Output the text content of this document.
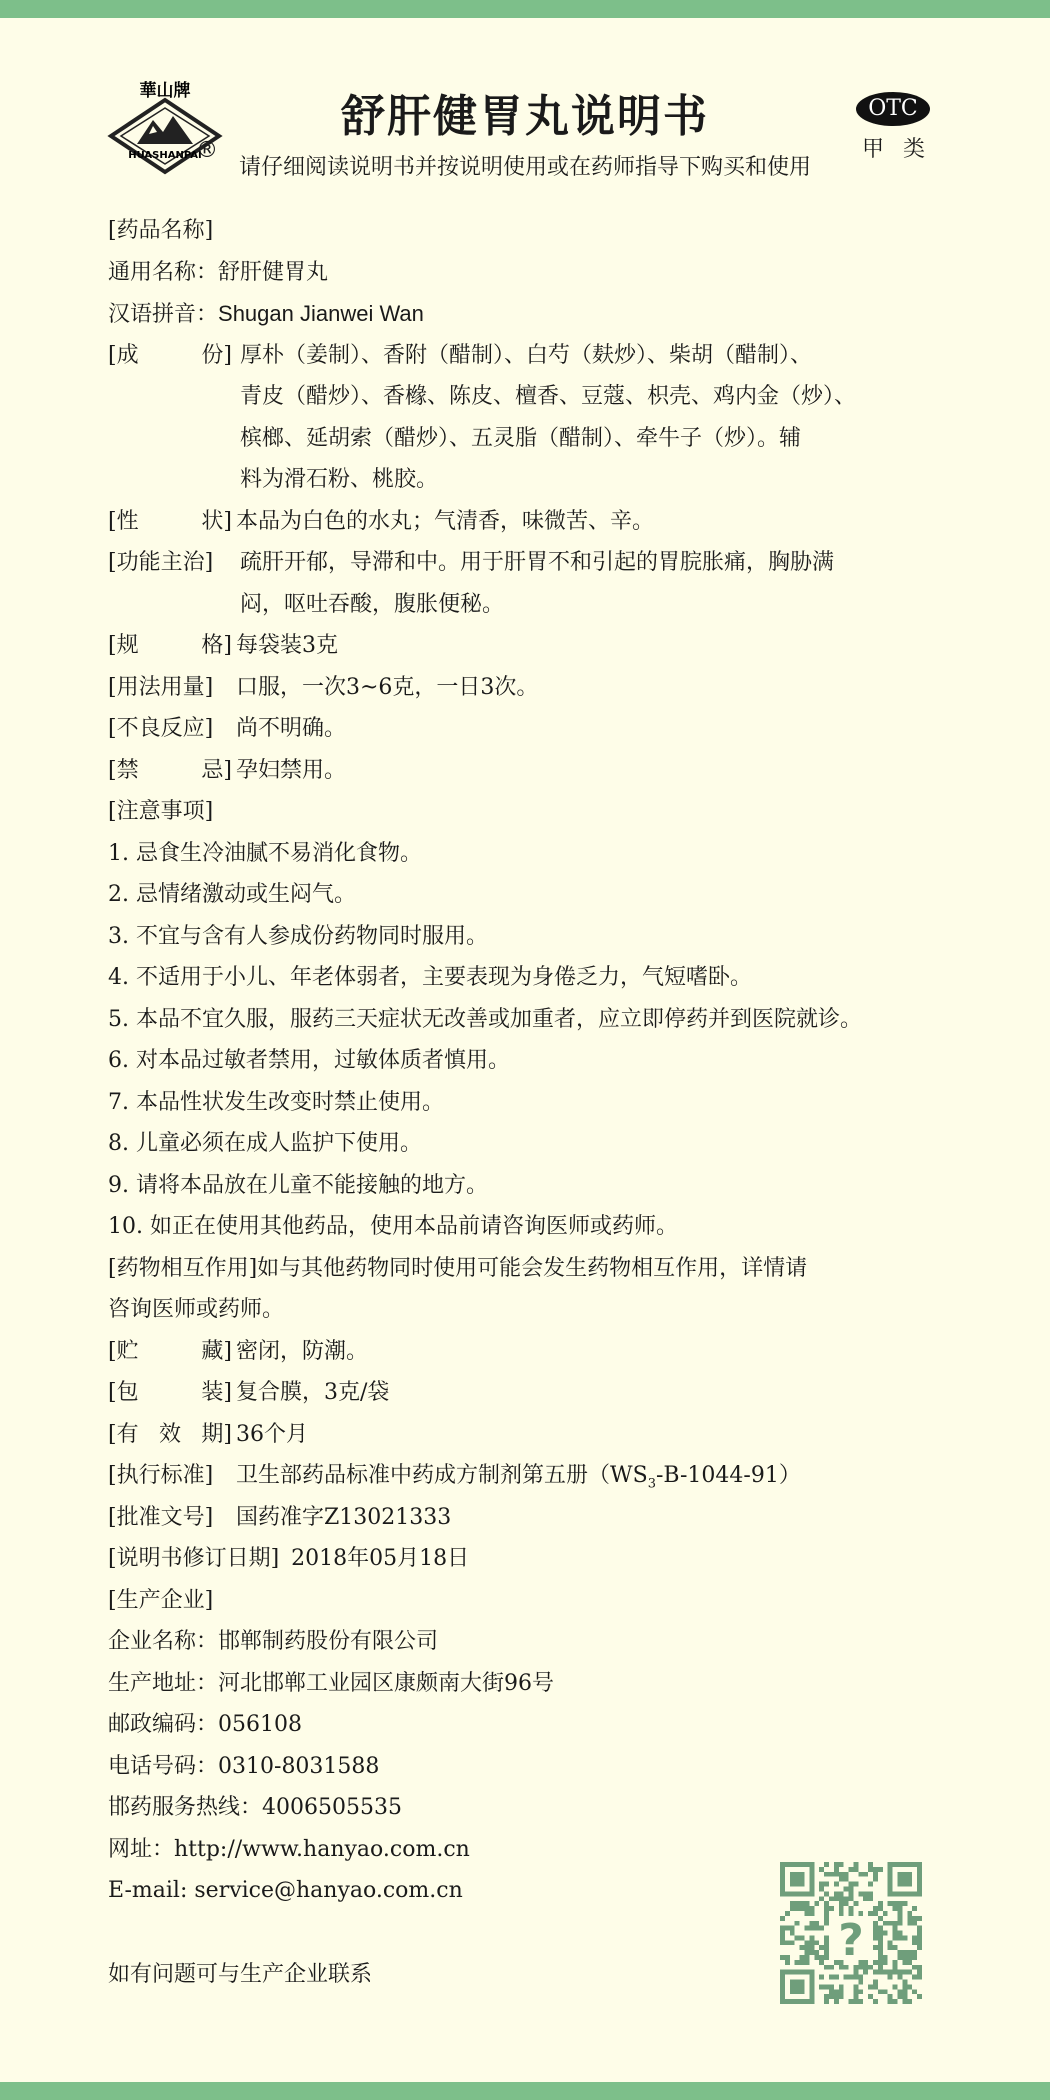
華山牌
HUASHANPAI
®
舒肝健胃丸说明书
请仔细阅读说明书并按说明使用或在药师指导下购买和使用
OTC
甲 类
[药品名称]
通用名称：舒肝健胃丸
汉语拼音：Shugan Jianwei Wan
[成	份] 厚朴（姜制）、香附（醋制）、白芍（麸炒）、柴胡（醋制）、
青皮（醋炒）、香橼、陈皮、檀香、豆蔻、枳壳、鸡内金（炒）、
槟榔、延胡索（醋炒）、五灵脂（醋制）、牵牛子（炒）。辅
料为滑石粉、桃胶。
[性	状] 本品为白色的水丸；气清香，味微苦、辛。
[功能主治] 疏肝开郁，导滞和中。用于肝胃不和引起的胃脘胀痛，胸胁满
闷，呕吐吞酸，腹胀便秘。
[规	格] 每袋装3克
[用法用量] 口服，一次3~6克，一日3次。
[不良反应] 尚不明确。
[禁	忌] 孕妇禁用。
[注意事项]
1. 忌食生冷油腻不易消化食物。
2. 忌情绪激动或生闷气。
3. 不宜与含有人参成份药物同时服用。
4. 不适用于小儿、年老体弱者，主要表现为身倦乏力，气短嗜卧。
5. 本品不宜久服，服药三天症状无改善或加重者，应立即停药并到医院就诊。
6. 对本品过敏者禁用，过敏体质者慎用。
7. 本品性状发生改变时禁止使用。
8. 儿童必须在成人监护下使用。
9. 请将本品放在儿童不能接触的地方。
10. 如正在使用其他药品，使用本品前请咨询医师或药师。
[药物相互作用]如与其他药物同时使用可能会发生药物相互作用，详情请
咨询医师或药师。
[贮	藏] 密闭，防潮。
[包	装] 复合膜，3克/袋
[有 效 期] 36个月
[执行标准] 卫生部药品标准中药成方制剂第五册$(WS_3-B-1044-91)$
[批准文号] 国药准字Z13021333
[说明书修订日期] 2018年05月18日
[生产企业]
企业名称：邯郸制药股份有限公司
生产地址：河北邯郸工业园区康颇南大街96号
邮政编码：056108
电话号码：0310-8031588
邯药服务热线：4006505535
网 址： http://www.hanyao.com.cn
E-mail: service@hanyao.com.cn
如有问题可与生产企业联系
?
